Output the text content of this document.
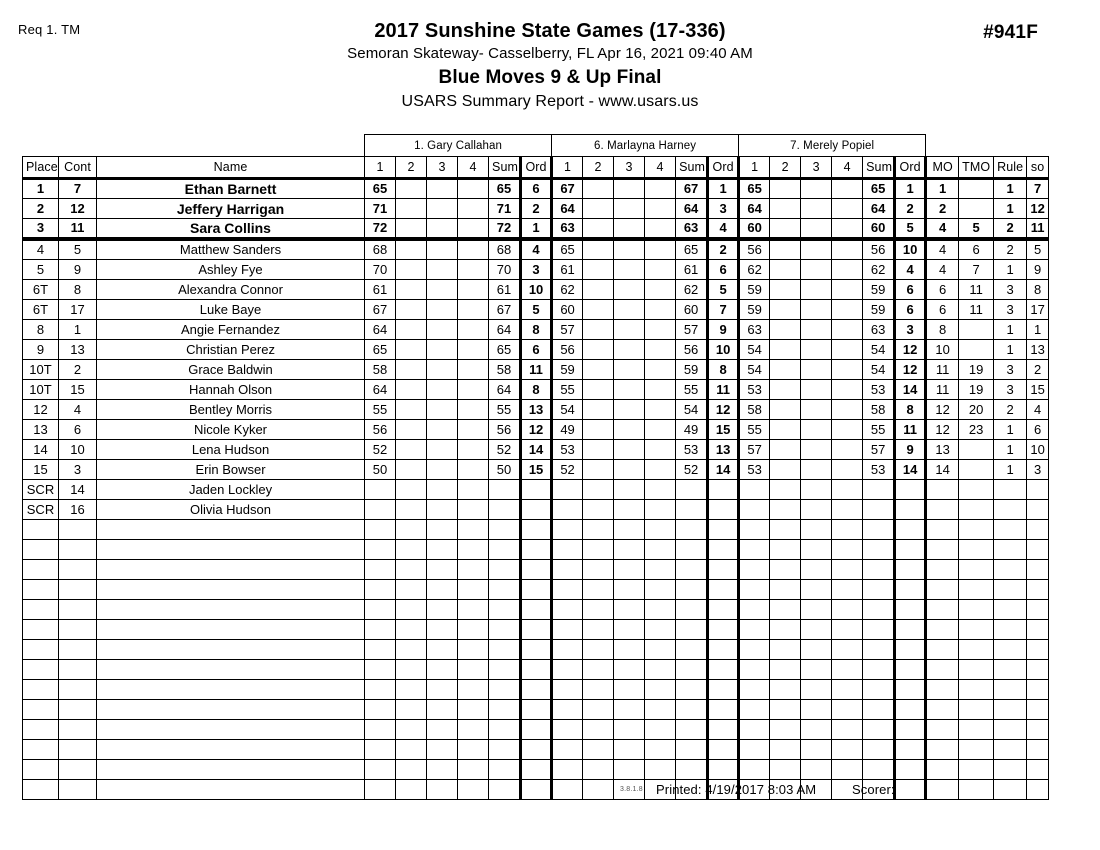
Req 1. TM	#941F
2017 Sunshine State Games (17-336)
Semoran Skateway- Casselberry, FL Apr 16, 2021 09:40 AM
Blue Moves 9 & Up Final
USARS Summary Report - www.usars.us
			1. Gary Callahan						6. Marlayna Harney						7. Merely Popiel									
Place	Cont	Name	1	2	3	4	Sum	Ord	1	2	3	4	Sum	Ord	1	2	3	4	Sum	Ord	MO	TMO	Rule	so
1	7	Ethan Barnett	65				65	6	67				67	1	65				65	1	1		1	7
2	12	Jeffery Harrigan	71				71	2	64				64	3	64				64	2	2		1	12
3	11	Sara Collins	72				72	1	63				63	4	60				60	5	4	5	2	11
4	5	Matthew Sanders	68				68	4	65				65	2	56				56	10	4	6	2	5
5	9	Ashley Fye	70				70	3	61				61	6	62				62	4	4	7	1	9
6T	8	Alexandra Connor	61				61	10	62				62	5	59				59	6	6	11	3	8
6T	17	Luke Baye	67				67	5	60				60	7	59				59	6	6	11	3	17
8	1	Angie Fernandez	64				64	8	57				57	9	63				63	3	8		1	1
9	13	Christian Perez	65				65	6	56				56	10	54				54	12	10		1	13
10T	2	Grace Baldwin	58				58	11	59				59	8	54				54	12	11	19	3	2
10T	15	Hannah Olson	64				64	8	55				55	11	53				53	14	11	19	3	15
12	4	Bentley Morris	55				55	13	54				54	12	58				58	8	12	20	2	4
13	6	Nicole Kyker	56				56	12	49				49	15	55				55	11	12	23	1	6
14	10	Lena Hudson	52				52	14	53				53	13	57				57	9	13		1	10
15	3	Erin Bowser	50				50	15	52				52	14	53				53	14	14		1	3
SCR	14	Jaden Lockley																						
SCR	16	Olivia Hudson																						

3.8.1.8 Printed: 4/19/2017 8:03 AM	Scorer:
